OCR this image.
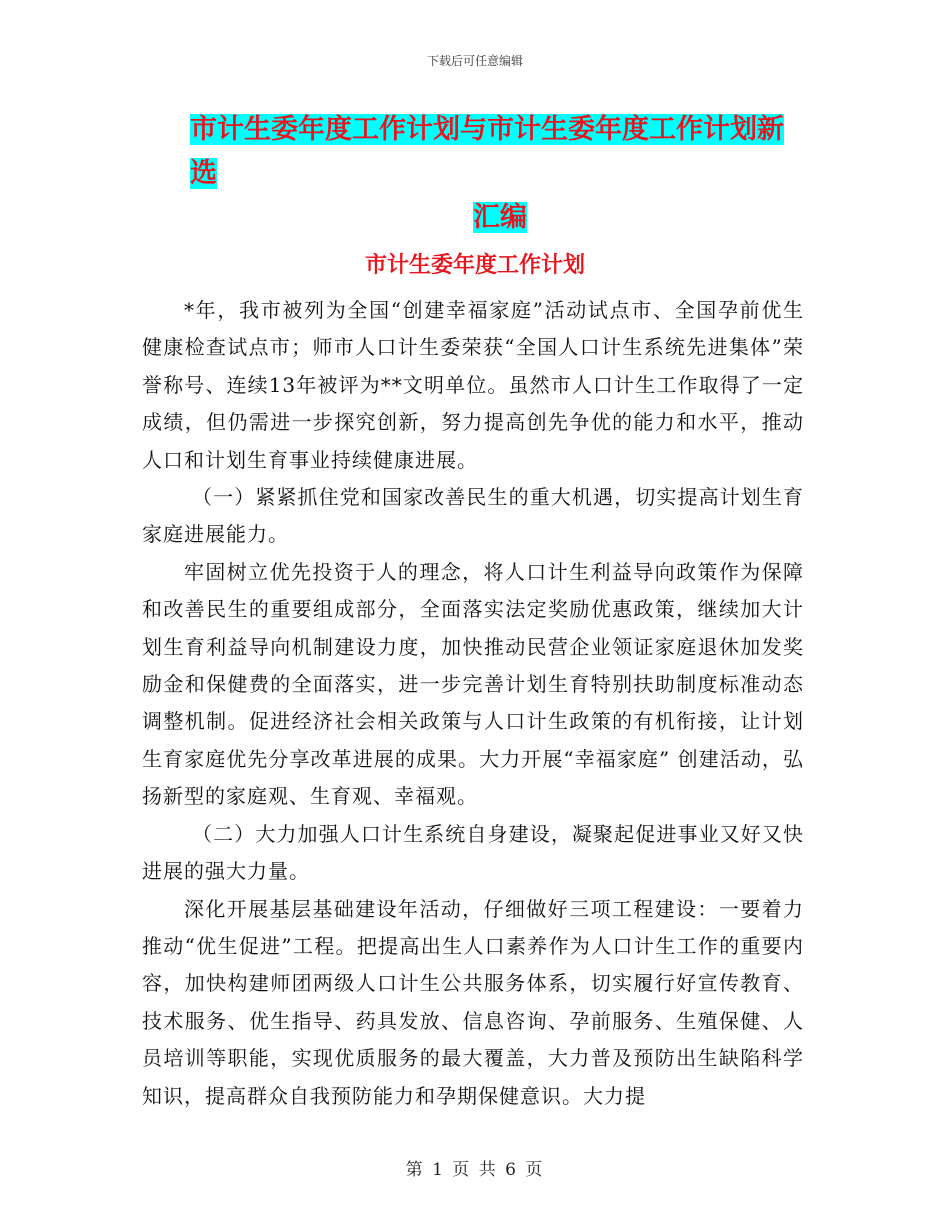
下载后可任意编辑
市计生委年度工作计划与市计生委年度工作计划新选
汇编
市计生委年度工作计划

*年，我市被列为全国“创建幸福家庭”活动试点市、全国孕前优生健康检查试点市；师市人口计生委荣获“全国人口计生系统先进集体”荣誉称号、连续13年被评为**文明单位。虽然市人口计生工作取得了一定成绩，但仍需进一步探究创新，努力提高创先争优的能力和水平，推动人口和计划生育事业持续健康进展。

（一）紧紧抓住党和国家改善民生的重大机遇，切实提高计划生育家庭进展能力。

牢固树立优先投资于人的理念，将人口计生利益导向政策作为保障和改善民生的重要组成部分，全面落实法定奖励优惠政策，继续加大计划生育利益导向机制建设力度，加快推动民营企业领证家庭退休加发奖励金和保健费的全面落实，进一步完善计划生育特别扶助制度标准动态调整机制。促进经济社会相关政策与人口计生政策的有机衔接，让计划生育家庭优先分享改革进展的成果。大力开展“幸福家庭” 创建活动，弘扬新型的家庭观、生育观、幸福观。

（二）大力加强人口计生系统自身建设，凝聚起促进事业又好又快进展的强大力量。

深化开展基层基础建设年活动，仔细做好三项工程建设：一要着力推动“优生促进”工程。把提高出生人口素养作为人口计生工作的重要内容，加快构建师团两级人口计生公共服务体系，切实履行好宣传教育、技术服务、优生指导、药具发放、信息咨询、孕前服务、生殖保健、人员培训等职能，实现优质服务的最大覆盖，大力普及预防出生缺陷科学知识，提高群众自我预防能力和孕期保健意识。大力提

第 1 页 共 6 页
